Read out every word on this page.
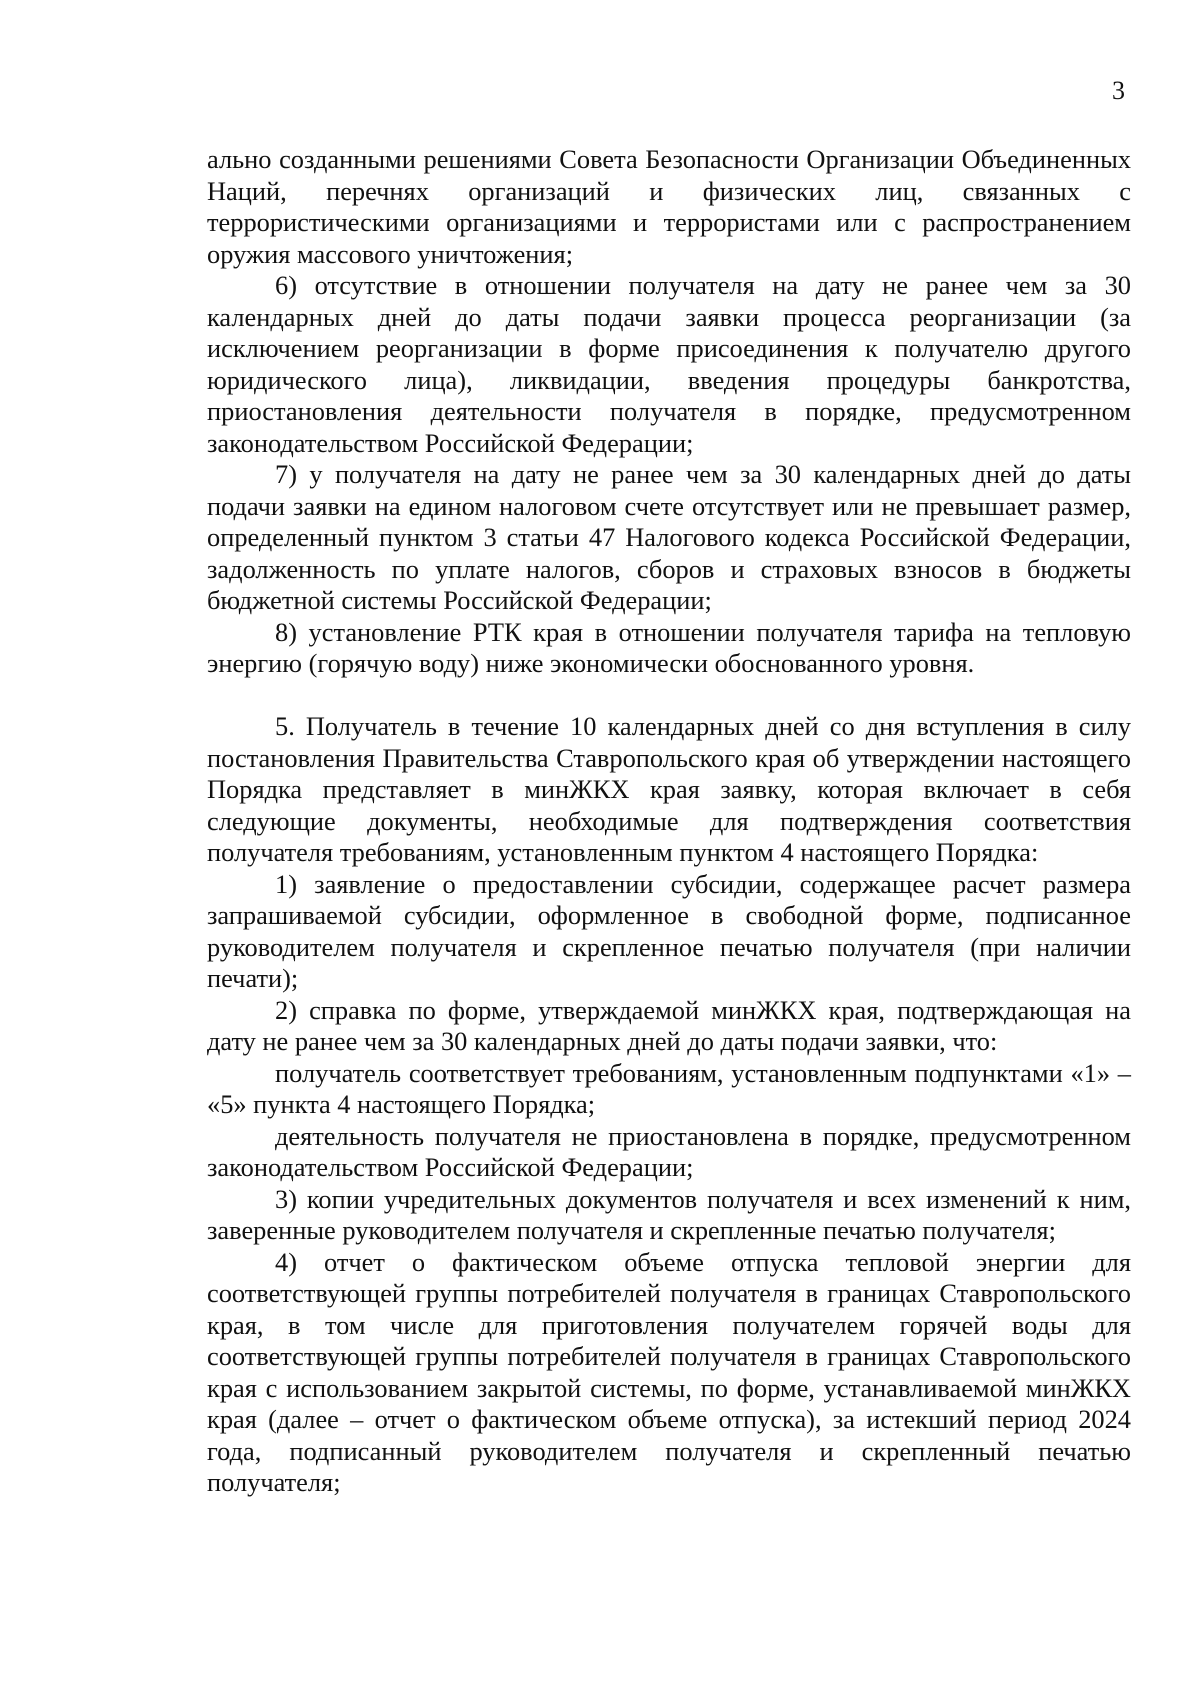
3

ально созданными решениями Совета Безопасности Организации Объединенных Наций, перечнях организаций и физических лиц, связанных с террористическими организациями и террористами или с распространением оружия массового уничтожения;

6) отсутствие в отношении получателя на дату не ранее чем за 30 календарных дней до даты подачи заявки процесса реорганизации (за исключением реорганизации в форме присоединения к получателю другого юридического лица), ликвидации, введения процедуры банкротства, приостановления деятельности получателя в порядке, предусмотренном законодательством Российской Федерации;

7) у получателя на дату не ранее чем за 30 календарных дней до даты подачи заявки на едином налоговом счете отсутствует или не превышает размер, определенный пунктом 3 статьи 47 Налогового кодекса Российской Федерации, задолженность по уплате налогов, сборов и страховых взносов в бюджеты бюджетной системы Российской Федерации;

8) установление РТК края в отношении получателя тарифа на тепловую энергию (горячую воду) ниже экономически обоснованного уровня.

5. Получатель в течение 10 календарных дней со дня вступления в силу постановления Правительства Ставропольского края об утверждении настоящего Порядка представляет в минЖКХ края заявку, которая включает в себя следующие документы, необходимые для подтверждения соответствия получателя требованиям, установленным пунктом 4 настоящего Порядка:

1) заявление о предоставлении субсидии, содержащее расчет размера запрашиваемой субсидии, оформленное в свободной форме, подписанное руководителем получателя и скрепленное печатью получателя (при наличии печати);

2) справка по форме, утверждаемой минЖКХ края, подтверждающая на дату не ранее чем за 30 календарных дней до даты подачи заявки, что:

получатель соответствует требованиям, установленным подпунктами «1» – «5» пункта 4 настоящего Порядка;

деятельность получателя не приостановлена в порядке, предусмотренном законодательством Российской Федерации;

3) копии учредительных документов получателя и всех изменений к ним, заверенные руководителем получателя и скрепленные печатью получателя;

4) отчет о фактическом объеме отпуска тепловой энергии для соответствующей группы потребителей получателя в границах Ставропольского края, в том числе для приготовления получателем горячей воды для соответствующей группы потребителей получателя в границах Ставропольского края с использованием закрытой системы, по форме, устанавливаемой минЖКХ края (далее – отчет о фактическом объеме отпуска), за истекший период 2024 года, подписанный руководителем получателя и скрепленный печатью получателя;
